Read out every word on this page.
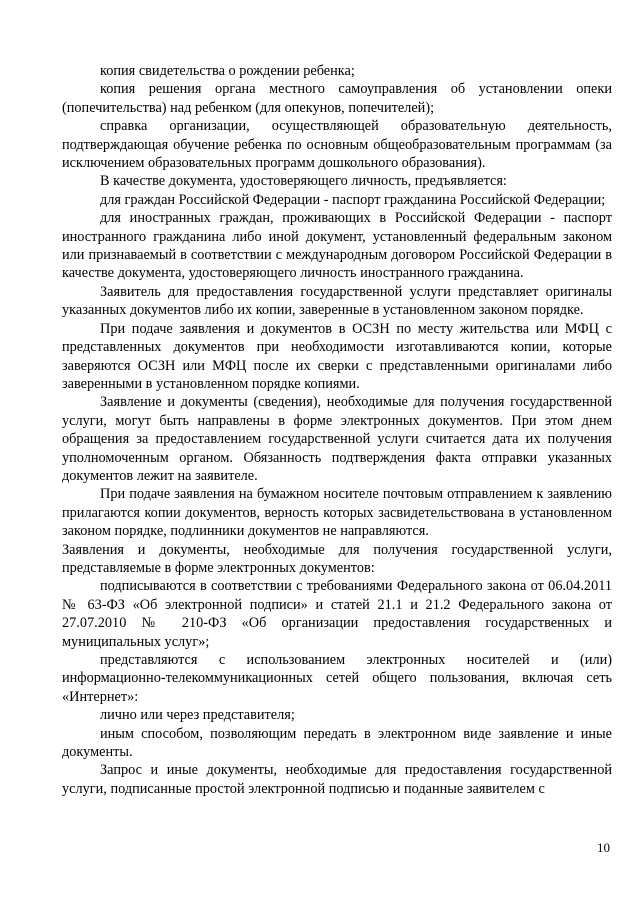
копия свидетельства о рождении ребенка;

копия решения органа местного самоуправления об установлении опеки (попечительства) над ребенком (для опекунов, попечителей);

справка организации, осуществляющей образовательную деятельность, подтверждающая обучение ребенка по основным общеобразовательным программам (за исключением образовательных программ дошкольного образования).

В качестве документа, удостоверяющего личность, предъявляется:

для граждан Российской Федерации - паспорт гражданина Российской Федерации;

для иностранных граждан, проживающих в Российской Федерации - паспорт иностранного гражданина либо иной документ, установленный федеральным законом или признаваемый в соответствии с международным договором Российской Федерации в качестве документа, удостоверяющего личность иностранного гражданина.

Заявитель для предоставления государственной услуги представляет оригиналы указанных документов либо их копии, заверенные в установленном законом порядке.

При подаче заявления и документов в ОСЗН по месту жительства или МФЦ с представленных документов при необходимости изготавливаются копии, которые заверяются ОСЗН или МФЦ после их сверки с представленными оригиналами либо заверенными в установленном порядке копиями.

Заявление и документы (сведения), необходимые для получения государственной услуги, могут быть направлены в форме электронных документов. При этом днем обращения за предоставлением государственной услуги считается дата их получения уполномоченным органом. Обязанность подтверждения факта отправки указанных документов лежит на заявителе.

При подаче заявления на бумажном носителе почтовым отправлением к заявлению прилагаются копии документов, верность которых засвидетельствована в установленном законом порядке, подлинники документов не направляются.

Заявления и документы, необходимые для получения государственной услуги, представляемые в форме электронных документов:

подписываются в соответствии с требованиями Федерального закона от 06.04.2011 № 63-ФЗ «Об электронной подписи» и статей 21.1 и 21.2 Федерального закона от 27.07.2010 № 210-ФЗ «Об организации предоставления государственных и муниципальных услуг»;

представляются с использованием электронных носителей и (или) информационно-телекоммуникационных сетей общего пользования, включая сеть «Интернет»:

лично или через представителя;

иным способом, позволяющим передать в электронном виде заявление и иные документы.

Запрос и иные документы, необходимые для предоставления государственной услуги, подписанные простой электронной подписью и поданные заявителем с

10
